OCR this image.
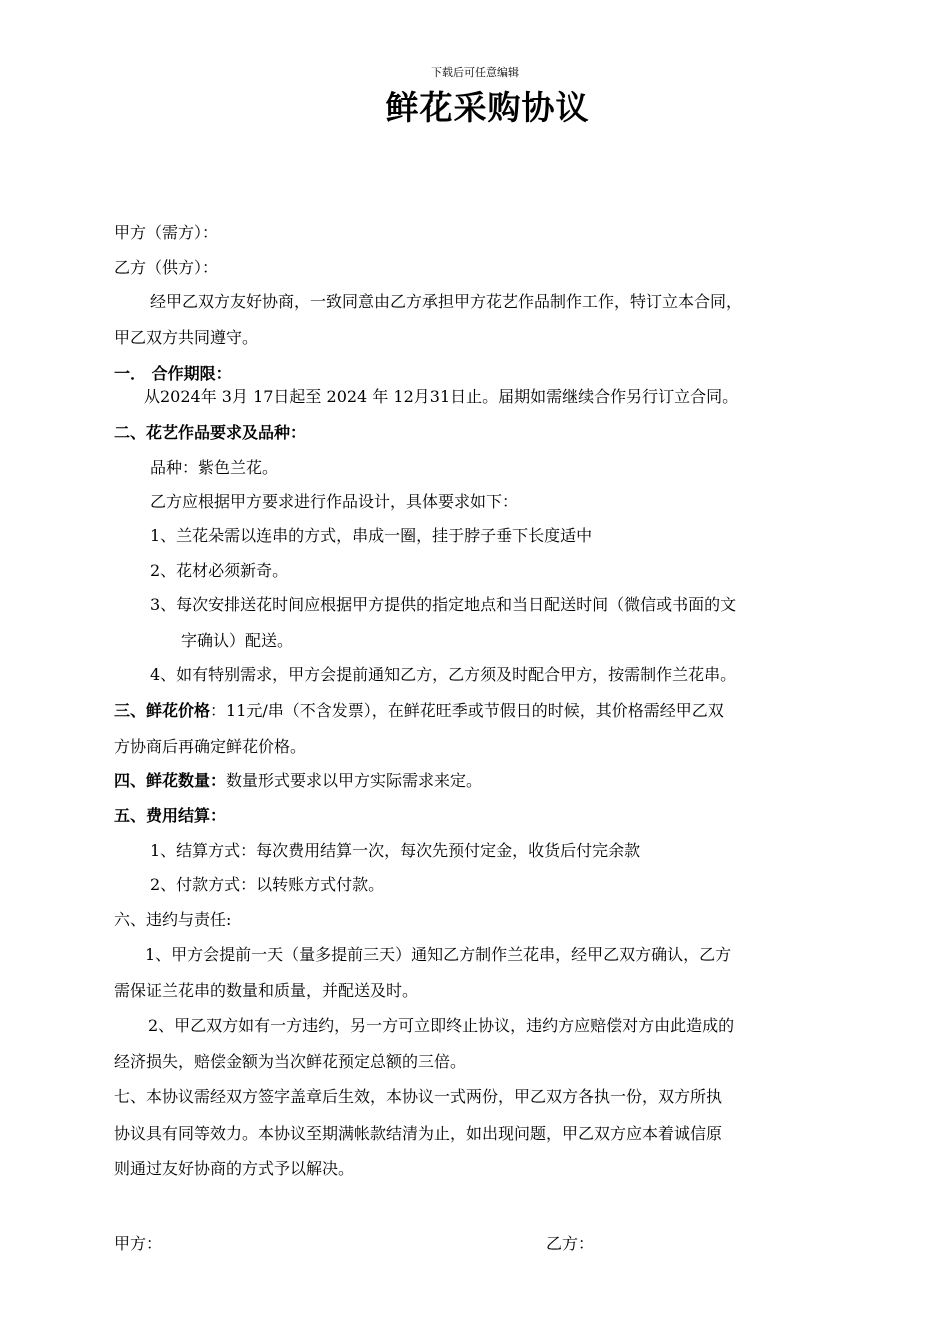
下载后可任意编辑
鲜花采购协议
甲方（需方）：
乙方（供方）：
经甲乙双方友好协商，一致同意由乙方承担甲方花艺作品制作工作，特订立本合同，
甲乙双方共同遵守。
一． 合作期限：
从2024年 3月 17日起至 2024 年 12月31日止。届期如需继续合作另行订立合同。
二、花艺作品要求及品种：
品种：紫色兰花。
乙方应根据甲方要求进行作品设计，具体要求如下：
1、兰花朵需以连串的方式，串成一圈，挂于脖子垂下长度适中
2、花材必须新奇。
3、每次安排送花时间应根据甲方提供的指定地点和当日配送时间（微信或书面的文
字确认）配送。
4、如有特别需求，甲方会提前通知乙方，乙方须及时配合甲方，按需制作兰花串。
三、鲜花价格：11元/串（不含发票），在鲜花旺季或节假日的时候，其价格需经甲乙双
方协商后再确定鲜花价格。
四、鲜花数量：数量形式要求以甲方实际需求来定。
五、费用结算：
1、结算方式：每次费用结算一次，每次先预付定金，收货后付完余款
2、付款方式：以转账方式付款。
六、违约与责任:
1、甲方会提前一天（量多提前三天）通知乙方制作兰花串，经甲乙双方确认，乙方
需保证兰花串的数量和质量，并配送及时。
2、甲乙双方如有一方违约，另一方可立即终止协议，违约方应赔偿对方由此造成的
经济损失，赔偿金额为当次鲜花预定总额的三倍。
七、本协议需经双方签字盖章后生效，本协议一式两份，甲乙双方各执一份，双方所执
协议具有同等效力。本协议至期满帐款结清为止，如出现问题，甲乙双方应本着诚信原
则通过友好协商的方式予以解决。
甲方：	乙方：
